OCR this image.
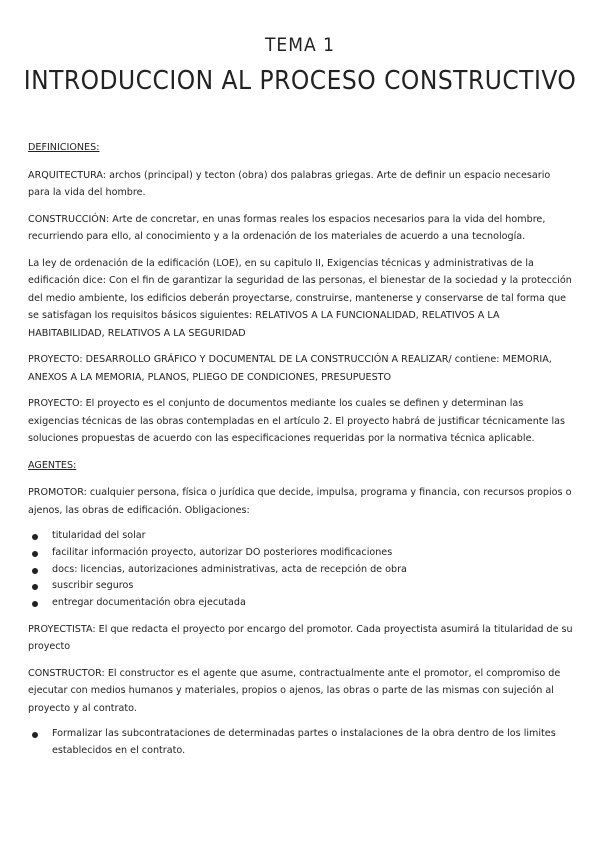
TEMA 1
INTRODUCCION AL PROCESO CONSTRUCTIVO

DEFINICIONES:

ARQUITECTURA: archos (principal) y tecton (obra) dos palabras griegas. Arte de definir un espacio necesario para la vida del hombre.

CONSTRUCCIÓN: Arte de concretar, en unas formas reales los espacios necesarios para la vida del hombre, recurriendo para ello, al conocimiento y a la ordenación de los materiales de acuerdo a una tecnología.

La ley de ordenación de la edificación (LOE), en su capitulo II, Exigencias técnicas y administrativas de la edificación dice: Con el fin de garantizar la seguridad de las personas, el bienestar de la sociedad y la protección del medio ambiente, los edificios deberán proyectarse, construirse, mantenerse y conservarse de tal forma que se satisfagan los requisitos básicos siguientes: RELATIVOS A LA FUNCIONALIDAD, RELATIVOS A LA HABITABILIDAD, RELATIVOS A LA SEGURIDAD

PROYECTO: DESARROLLO GRÁFICO Y DOCUMENTAL DE LA CONSTRUCCIÓN A REALIZAR/ contiene: MEMORIA, ANEXOS A LA MEMORIA, PLANOS, PLIEGO DE CONDICIONES, PRESUPUESTO

PROYECTO: El proyecto es el conjunto de documentos mediante los cuales se definen y determinan las exigencias técnicas de las obras contempladas en el artículo 2. El proyecto habrá de justificar técnicamente las soluciones propuestas de acuerdo con las especificaciones requeridas por la normativa técnica aplicable.

AGENTES:

PROMOTOR: cualquier persona, física o jurídica que decide, impulsa, programa y financia, con recursos propios o ajenos, las obras de edificación. Obligaciones:

titularidad del solar
facilitar información proyecto, autorizar DO posteriores modificaciones
docs: licencias, autorizaciones administrativas, acta de recepción de obra
suscribir seguros
entregar documentación obra ejecutada

PROYECTISTA: El que redacta el proyecto por encargo del promotor. Cada proyectista asumirá la titularidad de su proyecto

CONSTRUCTOR: El constructor es el agente que asume, contractualmente ante el promotor, el compromiso de ejecutar con medios humanos y materiales, propios o ajenos, las obras o parte de las mismas con sujeción al proyecto y al contrato.

Formalizar las subcontrataciones de determinadas partes o instalaciones de la obra dentro de los limites establecidos en el contrato.
